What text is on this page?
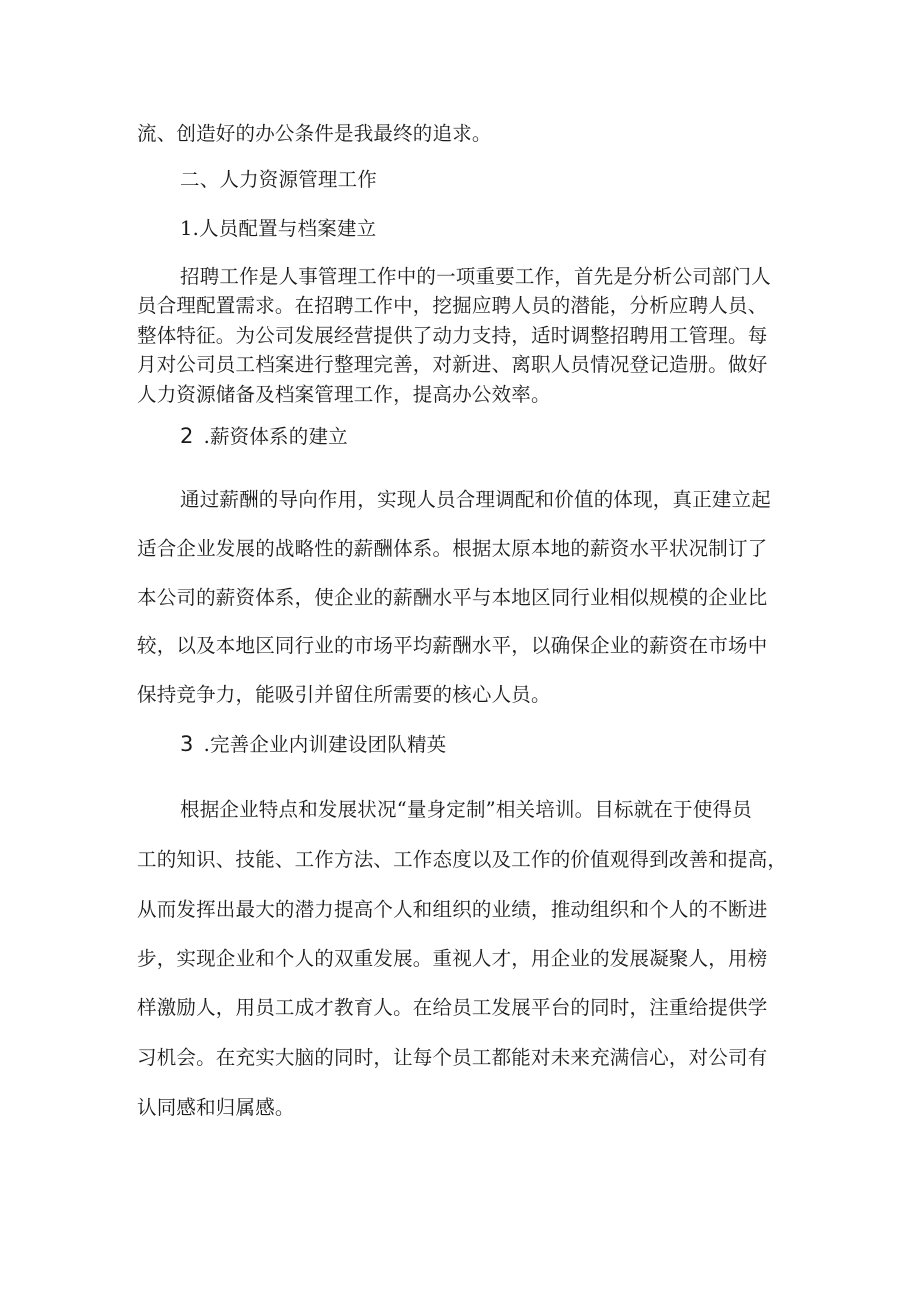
流、创造好的办公条件是我最终的追求。
二、人力资源管理工作
1.人员配置与档案建立
招聘工作是人事管理工作中的一项重要工作，首先是分析公司部门人
员合理配置需求。在招聘工作中，挖掘应聘人员的潜能，分析应聘人员、
整体特征。为公司发展经营提供了动力支持，适时调整招聘用工管理。每
月对公司员工档案进行整理完善，对新进、离职人员情况登记造册。做好
人力资源储备及档案管理工作，提高办公效率。
2 .薪资体系的建立
通过薪酬的导向作用，实现人员合理调配和价值的体现，真正建立起
适合企业发展的战略性的薪酬体系。根据太原本地的薪资水平状况制订了
本公司的薪资体系，使企业的薪酬水平与本地区同行业相似规模的企业比
较，以及本地区同行业的市场平均薪酬水平，以确保企业的薪资在市场中
保持竞争力，能吸引并留住所需要的核心人员。
3 .完善企业内训建设团队精英
根据企业特点和发展状况“量身定制”相关培训。目标就在于使得员
工的知识、技能、工作方法、工作态度以及工作的价值观得到改善和提高，
从而发挥出最大的潜力提高个人和组织的业绩，推动组织和个人的不断进
步，实现企业和个人的双重发展。重视人才，用企业的发展凝聚人，用榜
样激励人，用员工成才教育人。在给员工发展平台的同时，注重给提供学
习机会。在充实大脑的同时，让每个员工都能对未来充满信心，对公司有
认同感和归属感。
